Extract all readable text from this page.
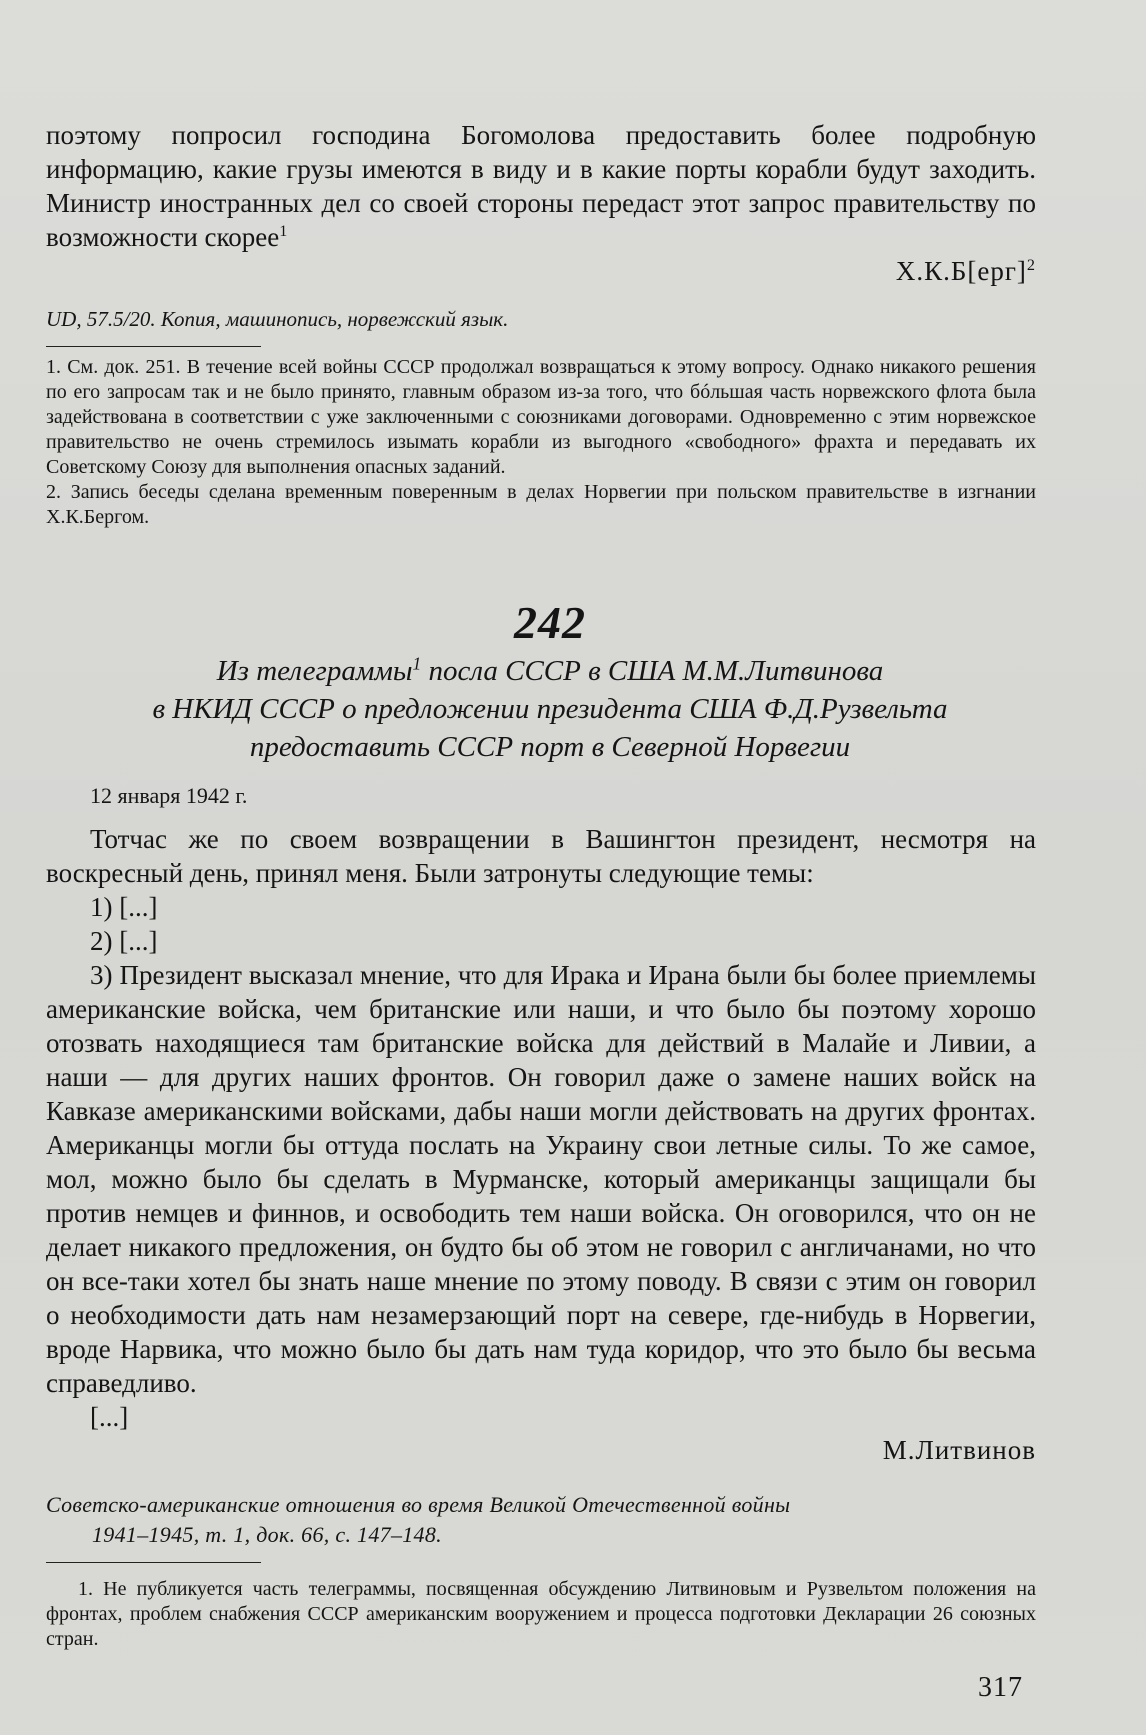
поэтому попросил господина Богомолова предоставить более подробную информацию, какие грузы имеются в виду и в какие порты корабли будут заходить. Министр иностранных дел со своей стороны передаст этот запрос правительству по возможности скорее$^1$
Х.К.Б[ерг]$^2$
UD, 57.5/20. Копия, машинопись, норвежский язык.

1. См. док. 251. В течение всей войны СССР продолжал возвращаться к этому вопросу. Однако никакого решения по его запросам так и не было принято, главным образом из-за того, что бóльшая часть норвежского флота была задействована в соответствии с уже заключенными с союзниками договорами. Одновременно с этим норвежское правительство не очень стремилось изымать корабли из выгодного «свободного» фрахта и передавать их Советскому Союзу для выполнения опасных заданий.

2. Запись беседы сделана временным поверенным в делах Норвегии при польском правительстве в изгнании Х.К.Бергом.

242
Из телеграммы$^1$ посла СССР в США М.М.Литвинова
в НКИД СССР о предложении президента США Ф.Д.Рузвельта
предоставить СССР порт в Северной Норвегии
12 января 1942 г.

Тотчас же по своем возвращении в Вашингтон президент, несмотря на воскресный день, принял меня. Были затронуты следующие темы:

1) [...]

2) [...]

3) Президент высказал мнение, что для Ирака и Ирана были бы более приемлемы американские войска, чем британские или наши, и что было бы поэтому хорошо отозвать находящиеся там британские войска для действий в Малайе и Ливии, а наши — для других наших фронтов. Он говорил даже о замене наших войск на Кавказе американскими войсками, дабы наши могли действовать на других фронтах. Американцы могли бы оттуда послать на Украину свои летные силы. То же самое, мол, можно было бы сделать в Мурманске, который американцы защищали бы против немцев и финнов, и освободить тем наши войска. Он оговорился, что он не делает никакого предложения, он будто бы об этом не говорил с англичанами, но что он все-таки хотел бы знать наше мнение по этому поводу. В связи с этим он говорил о необходимости дать нам незамерзающий порт на севере, где-нибудь в Норвегии, вроде Нарвика, что можно было бы дать нам туда коридор, что это было бы весьма справедливо.

[...]

М.Литвинов
Советско-американские отношения во время Великой Отечественной войны
1941–1945, т. 1, док. 66, с. 147–148.
1. Не публикуется часть телеграммы, посвященная обсуждению Литвиновым и Рузвельтом положения на фронтах, проблем снабжения СССР американским вооружением и процесса подготовки Декларации 26 союзных стран.
317
